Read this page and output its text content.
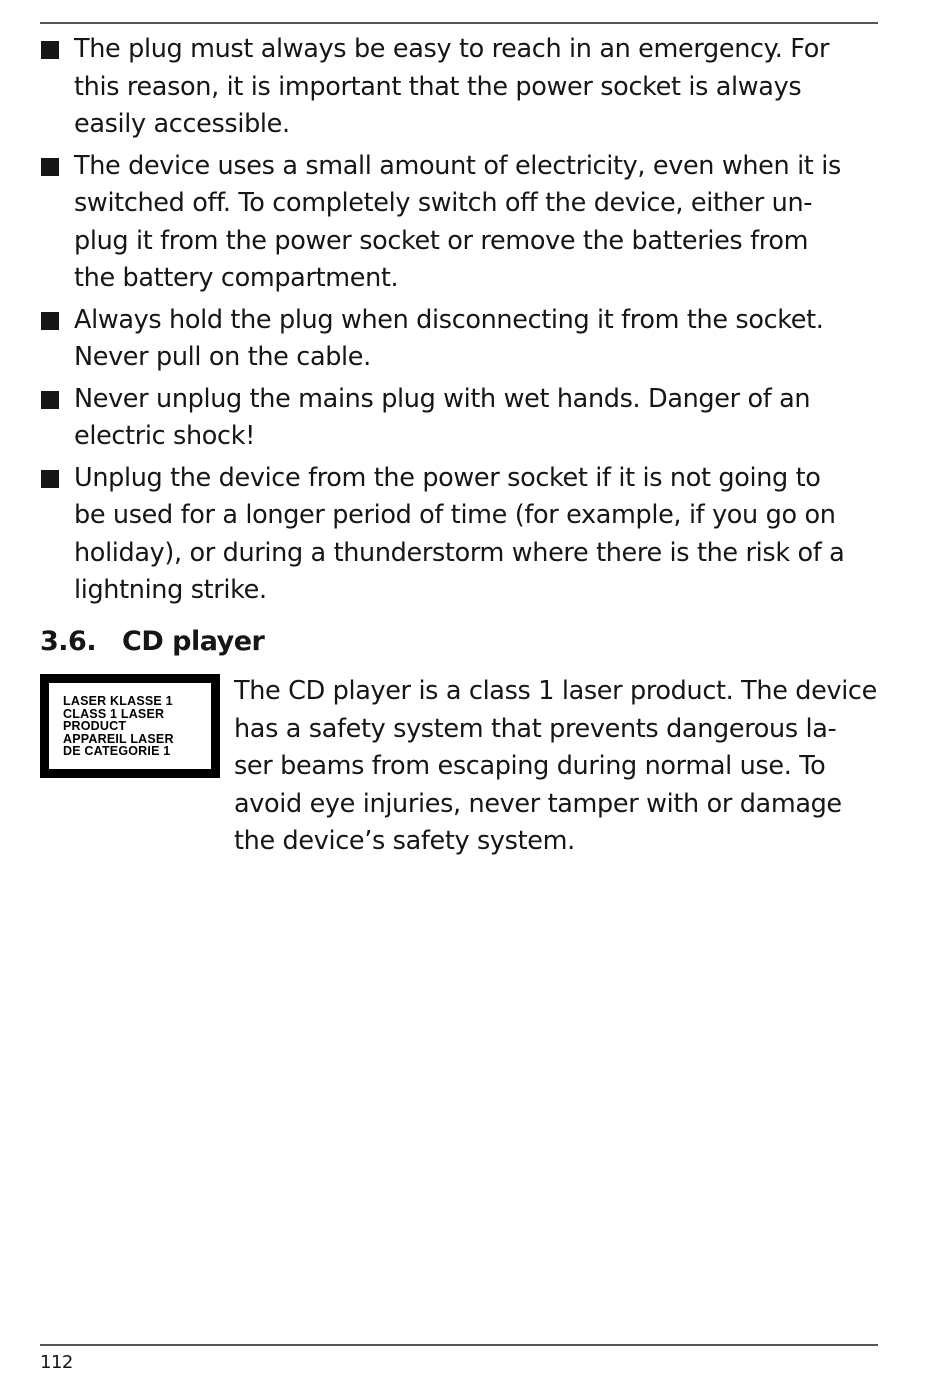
The plug must always be easy to reach in an emergency. For
this reason, it is important that the power socket is always
easily accessible.
The device uses a small amount of electricity, even when it is
switched off. To completely switch off the device, either un-
plug it from the power socket or remove the batteries from
the battery compartment.
Always hold the plug when disconnecting it from the socket.
Never pull on the cable.
Never unplug the mains plug with wet hands. Danger of an
electric shock!
Unplug the device from the power socket if it is not going to
be used for a longer period of time (for example, if you go on
holiday), or during a thunderstorm where there is the risk of a
lightning strike.
3.6. CD player
LASER KLASSE 1
CLASS 1 LASER
PRODUCT
APPAREIL LASER
DE CATEGORIE 1

The CD player is a class 1 laser product. The device
has a safety system that prevents dangerous la-
ser beams from escaping during normal use. To
avoid eye injuries, never tamper with or damage
the device’s safety system.

112
